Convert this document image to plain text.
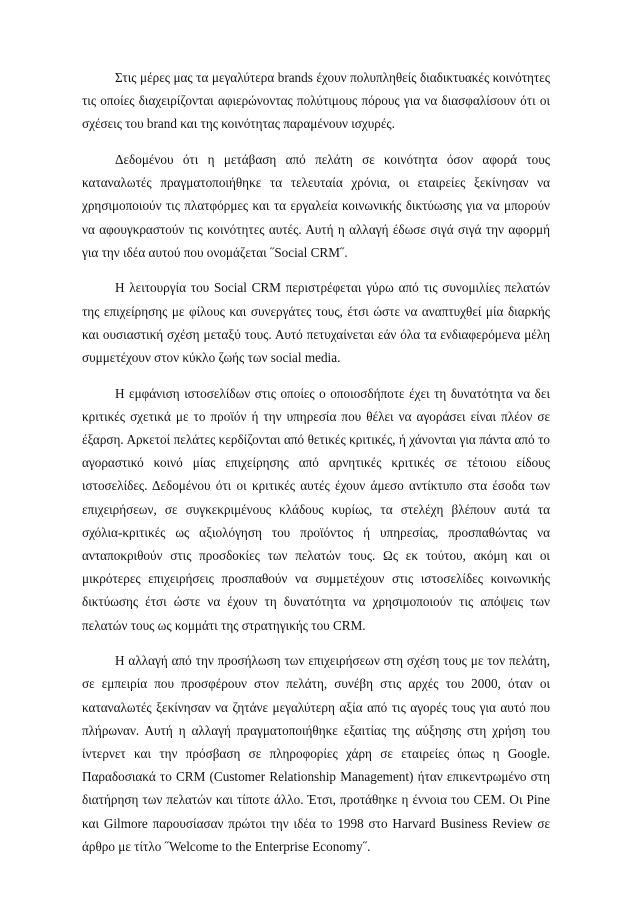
Στις μέρες μας τα μεγαλύτερα brands έχουν πολυπληθείς διαδικτυακές κοινότητες τις οποίες διαχειρίζονται αφιερώνοντας πολύτιμους πόρους για να διασφαλίσουν ότι οι σχέσεις του brand και της κοινότητας παραμένουν ισχυρές.

Δεδομένου ότι η μετάβαση από πελάτη σε κοινότητα όσον αφορά τους καταναλωτές πραγματοποιήθηκε τα τελευταία χρόνια, οι εταιρείες ξεκίνησαν να χρησιμοποιούν τις πλατφόρμες και τα εργαλεία κοινωνικής δικτύωσης για να μπορούν να αφουγκραστούν τις κοινότητες αυτές. Αυτή η αλλαγή έδωσε σιγά σιγά την αφορμή για την ιδέα αυτού που ονομάζεται ˝Social CRM˝.

Η λειτουργία του Social CRM περιστρέφεται γύρω από τις συνομιλίες πελατών της επιχείρησης με φίλους και συνεργάτες τους, έτσι ώστε να αναπτυχθεί μία διαρκής και ουσιαστική σχέση μεταξύ τους. Αυτό πετυχαίνεται εάν όλα τα ενδιαφερόμενα μέλη συμμετέχουν στον κύκλο ζωής των social media.

Η εμφάνιση ιστοσελίδων στις οποίες ο οποιοσδήποτε έχει τη δυνατότητα να δει κριτικές σχετικά με το προϊόν ή την υπηρεσία που θέλει να αγοράσει είναι πλέον σε έξαρση. Αρκετοί πελάτες κερδίζονται από θετικές κριτικές, ή χάνονται για πάντα από το αγοραστικό κοινό μίας επιχείρησης από αρνητικές κριτικές σε τέτοιου είδους ιστοσελίδες. Δεδομένου ότι οι κριτικές αυτές έχουν άμεσο αντίκτυπο στα έσοδα των επιχειρήσεων, σε συγκεκριμένους κλάδους κυρίως, τα στελέχη βλέπουν αυτά τα σχόλια-κριτικές ως αξιολόγηση του προϊόντος ή υπηρεσίας, προσπαθώντας να ανταποκριθούν στις προσδοκίες των πελατών τους. Ως εκ τούτου, ακόμη και οι μικρότερες επιχειρήσεις προσπαθούν να συμμετέχουν στις ιστοσελίδες κοινωνικής δικτύωσης έτσι ώστε να έχουν τη δυνατότητα να χρησιμοποιούν τις απόψεις των πελατών τους ως κομμάτι της στρατηγικής του CRM.

Η αλλαγή από την προσήλωση των επιχειρήσεων στη σχέση τους με τον πελάτη, σε εμπειρία που προσφέρουν στον πελάτη, συνέβη στις αρχές του 2000, όταν οι καταναλωτές ξεκίνησαν να ζητάνε μεγαλύτερη αξία από τις αγορές τους για αυτό που πλήρωναν. Αυτή η αλλαγή πραγματοποιήθηκε εξαιτίας της αύξησης στη χρήση του ίντερνετ και την πρόσβαση σε πληροφορίες χάρη σε εταιρείες όπως η Google. Παραδοσιακά το CRM (Customer Relationship Management) ήταν επικεντρωμένο στη διατήρηση των πελατών και τίποτε άλλο. Έτσι, προτάθηκε η έννοια του CEM. Οι Pine και Gilmore παρουσίασαν πρώτοι την ιδέα το 1998 στο Harvard Business Review σε άρθρο με τίτλο ˝Welcome to the Enterprise Economy˝.
